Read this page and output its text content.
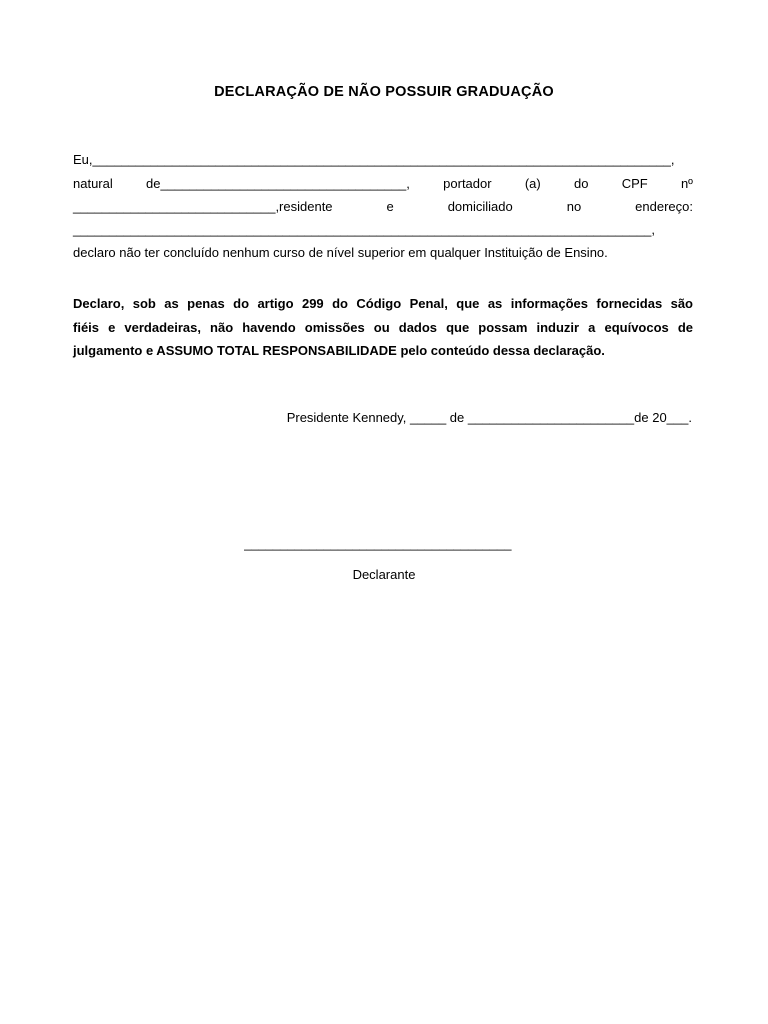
DECLARAÇÃO DE NÃO POSSUIR GRADUAÇÃO
Eu,________________________________________________________________________________,
natural	de__________________________________,	portador	(a)	do	CPF	nº
____________________________,residente	e	domiciliado	no	endereço:
________________________________________________________________________________,
declaro não ter concluído nenhum curso de nível superior em qualquer Instituição de Ensino.
Declaro, sob as penas do artigo 299 do Código Penal, que as informações fornecidas são
fiéis e verdadeiras, não havendo omissões ou dados que possam induzir a equívocos de
julgamento e ASSUMO TOTAL RESPONSABILIDADE pelo conteúdo dessa declaração.
Presidente Kennedy, _____ de _______________________de 20___.
_____________________________________
Declarante
